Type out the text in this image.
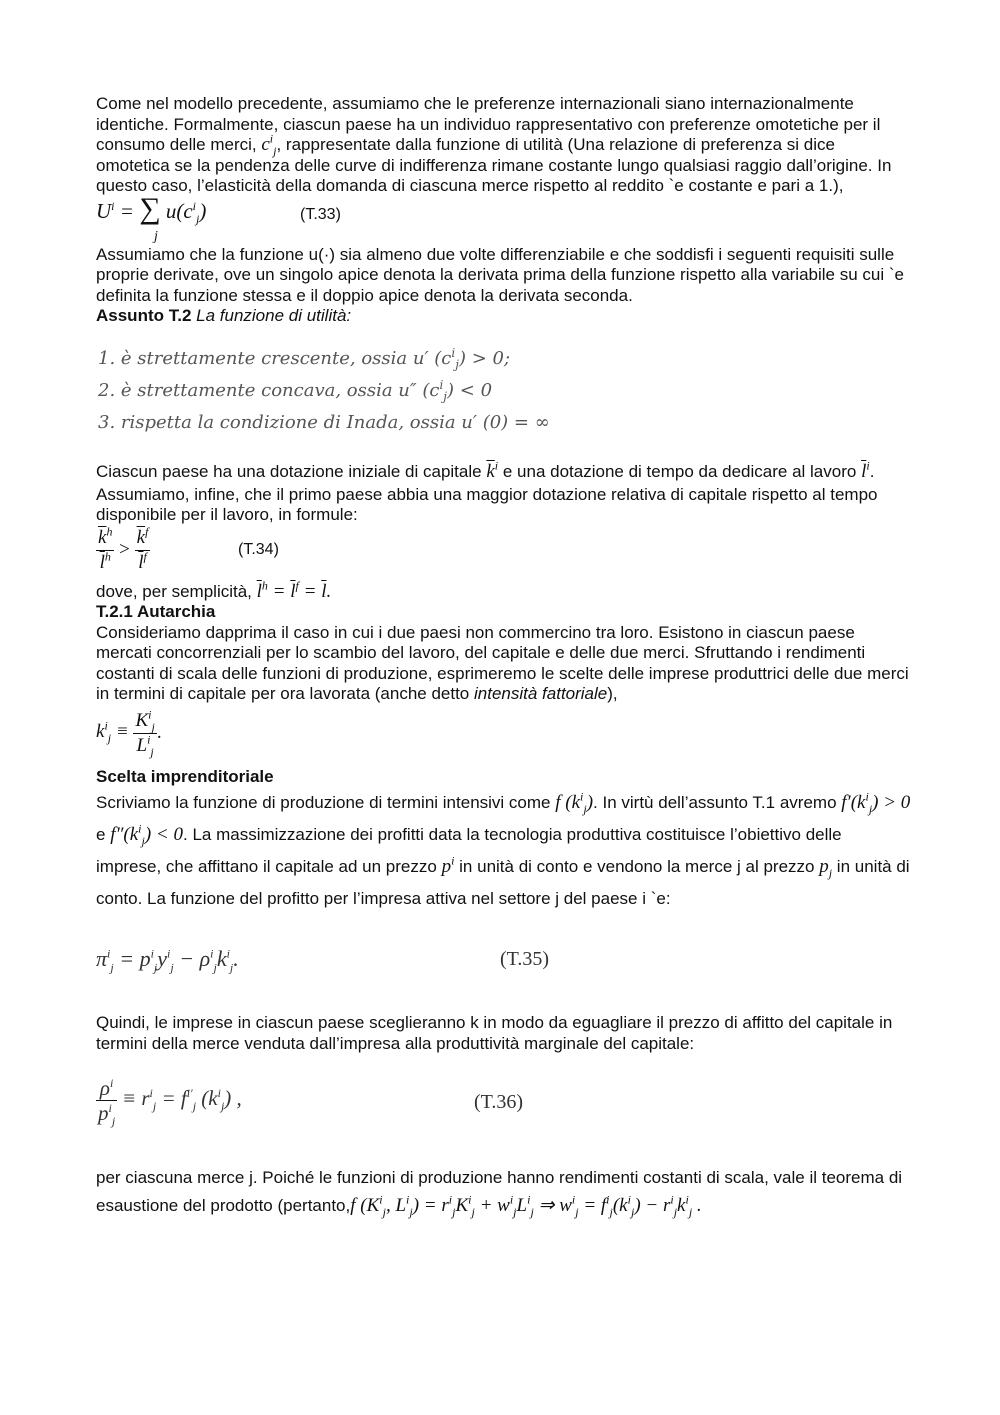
Come nel modello precedente, assumiamo che le preferenze internazionali siano internazionalmente identiche. Formalmente, ciascun paese ha un individuo rappresentativo con preferenze omotetiche per il consumo delle merci, $c^i_j$, rappresentate dalla funzione di utilità (Una relazione di preferenza si dice omotetica se la pendenza delle curve di indifferenza rimane costante lungo qualsiasi raggio dall’origine. In questo caso, l’elasticità della domanda di ciascuna merce rispetto al reddito `e costante e pari a 1.),

$U^i$ = ∑ $u(c^i_j)$
j
(T.33)

Assumiamo che la funzione u(·) sia almeno due volte differenziabile e che soddisfi i seguenti requisiti sulle proprie derivate, ove un singolo apice denota la derivata prima della funzione rispetto alla variabile su cui `e definita la funzione stessa e il doppio apice denota la derivata seconda.

Assunto T.2 La funzione di utilità:

1. è strettamente crescente, ossia u′ $(c^i_j) > 0$;
2. è strettamente concava, ossia u″ $(c^i_j) < 0$
3. rispetta la condizione di Inada, ossia u′ (0) = ∞

Ciascun paese ha una dotazione iniziale di capitale $\overline{k}^i$ e una dotazione di tempo da dedicare al lavoro $\overline{l}^i$.

Assumiamo, infine, che il primo paese abbia una maggior dotazione relativa di capitale rispetto al tempo disponibile per il lavoro, in formule:

$\frac{\overline{k}^h}{\overline{l}^h} > \frac{\overline{k}^f}{\overline{l}^f}$	(T.34)

dove, per semplicità, $\overline{l}^h = \overline{l}^f = \overline{l}$.

T.2.1 Autarchia

Consideriamo dapprima il caso in cui i due paesi non commercino tra loro. Esistono in ciascun paese mercati concorrenziali per lo scambio del lavoro, del capitale e delle due merci. Sfruttando i rendimenti costanti di scala delle funzioni di produzione, esprimeremo le scelte delle imprese produttrici delle due merci in termini di capitale per ora lavorata (anche detto intensità fattoriale),

$k^i_j \equiv \frac{K^i_j}{L^i_j}$ .

Scelta imprenditoriale

Scriviamo la funzione di produzione di termini intensivi come f $(k^i_j)$. In virtù dell’assunto T.1 avremo $f'(k^i_j) > 0$ e $f''(k^i_j) < 0$. La massimizzazione dei profitti data la tecnologia produttiva costituisce l’obiettivo delle imprese, che affittano il capitale ad un prezzo $p^i$ in unità di conto e vendono la merce j al prezzo $p_j$ in unità di conto. La funzione del profitto per l’impresa attiva nel settore j del paese i `e:

$\pi^i_j = p^i_jy^i_j - \rho^i_jk^i_j$.	(T.35)

Quindi, le imprese in ciascun paese sceglieranno k in modo da eguagliare il prezzo di affitto del capitale in termini della merce venduta dall’impresa alla produttività marginale del capitale:

$\frac{\rho^i}{p^i_j} \equiv r^i_j = f^{i'}_j$ $(k^i_j)$ ,	(T.36)

per ciascuna merce j. Poiché le funzioni di produzione hanno rendimenti costanti di scala, vale il teorema di esaustione del prodotto (pertanto,f ($K^i_j$, $L^i_j) = r^i_jK^i_j + w^i_jL^i_j$ ⇒ $w^i_j = f^i_j(k^i_j) - r^i_jk^i_j$ .
